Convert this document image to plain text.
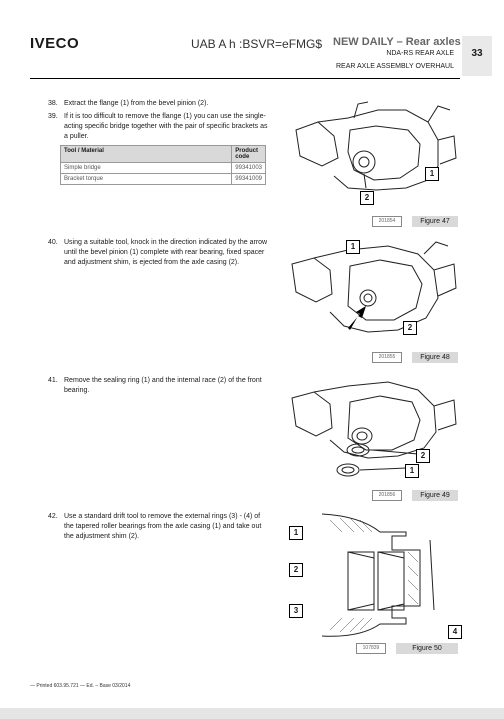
IVECO	UAB A h :BSVR=eFMG$ NEW DAILY – Rear axles
NDA-RS REAR AXLE
REAR AXLE ASSEMBLY OVERHAUL
33
38. Extract the flange (1) from the bevel pinion (2).
39. If it is too difficult to remove the flange (1) you can use the single-acting specific bridge together with the pair of specific brackets as a puller.
Tool / Material	Product code
Simple bridge	99341003
Bracket torque	99341009
40. Using a suitable tool, knock in the direction indicated by the arrow until the bevel pinion (1) complete with rear bearing, fixed spacer and adjustment shim, is ejected from the axle casing (2).
41. Remove the sealing ring (1) and the internal race (2) of the front bearing.
42. Use a standard drift tool to remove the external rings (3) - (4) of the tapered roller bearings from the axle casing (1) and take out the adjustment shim (2).
2
1
201854	Figure 47
1
2
201855	Figure 48
2
1
201856	Figure 49
1
2
3
4
107839	Figure 50
— Printed 603.95.721 — Ed. – Base 03/2014
